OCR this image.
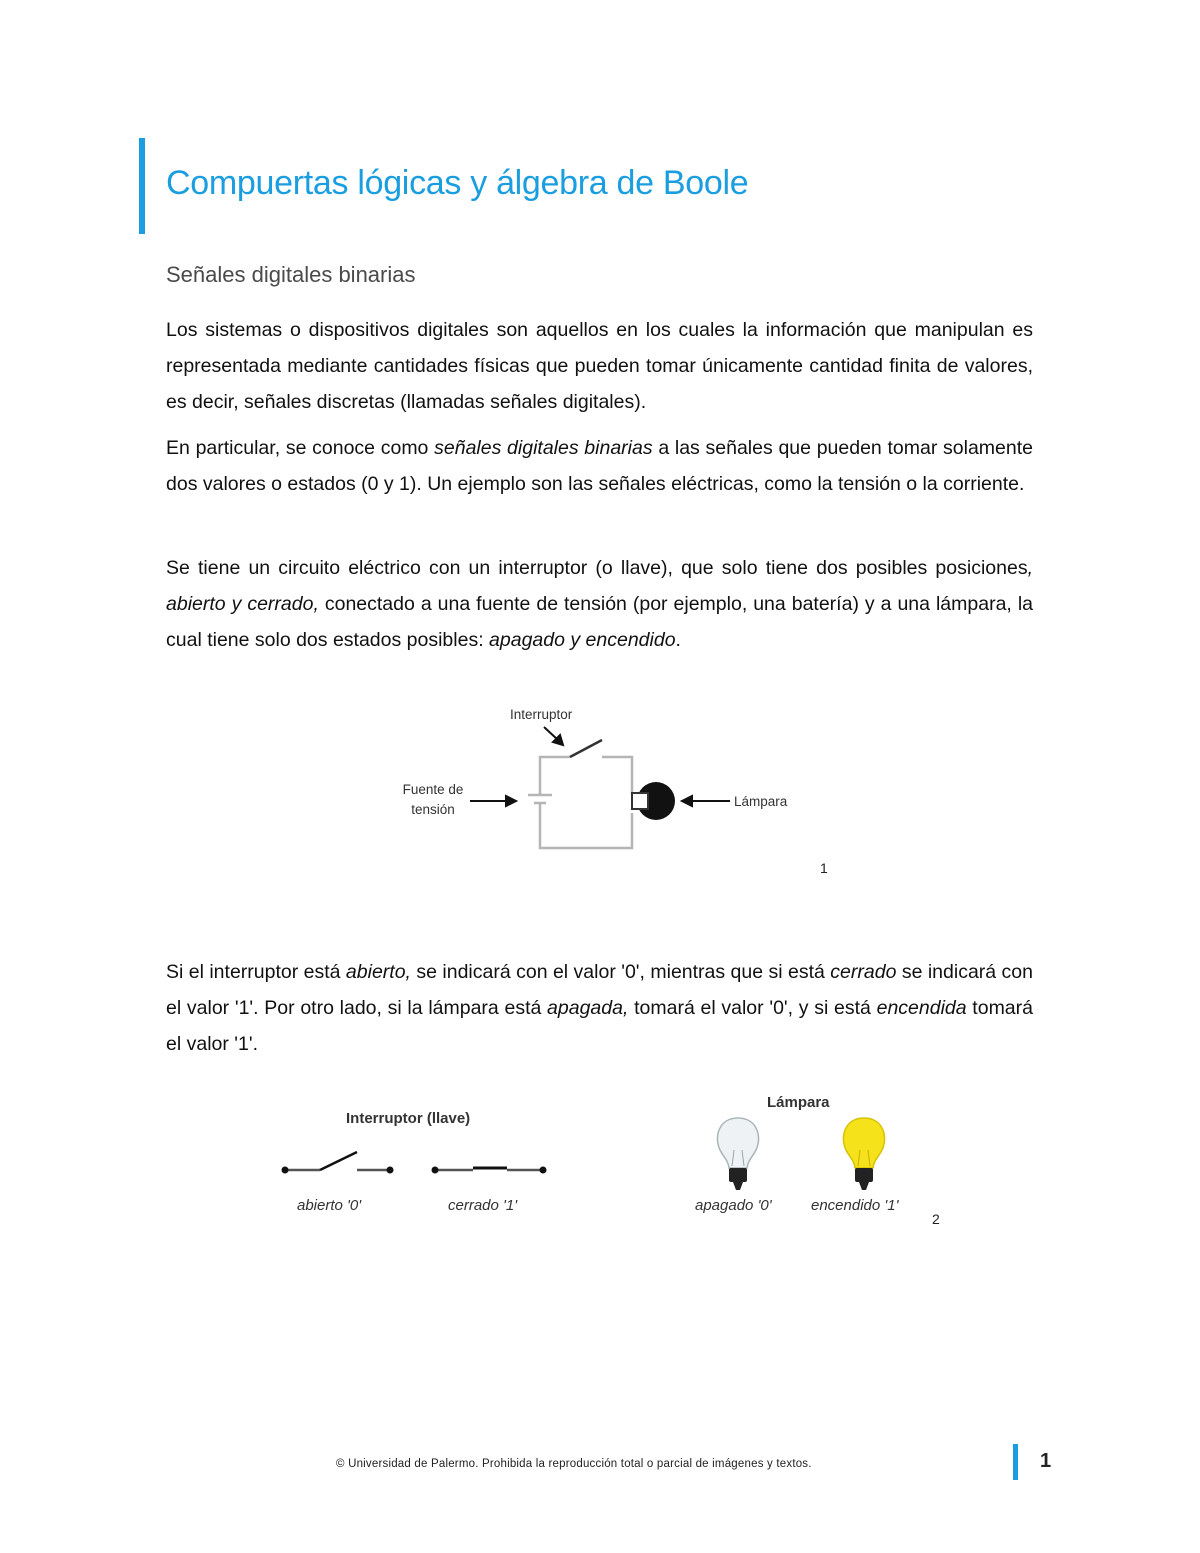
Compuertas lógicas y álgebra de Boole
Señales digitales binarias

Los sistemas o dispositivos digitales son aquellos en los cuales la información que manipulan es representada mediante cantidades físicas que pueden tomar únicamente cantidad finita de valores, es decir, señales discretas (llamadas señales digitales).

En particular, se conoce como señales digitales binarias a las señales que pueden tomar solamente dos valores o estados (0 y 1). Un ejemplo son las señales eléctricas, como la tensión o la corriente.

Se tiene un circuito eléctrico con un interruptor (o llave), que solo tiene dos posibles posiciones, abierto y cerrado, conectado a una fuente de tensión (por ejemplo, una batería) y a una lámpara, la cual tiene solo dos estados posibles: apagado y encendido.

Interruptor
Fuente de
tensión
Lámpara
1

Si el interruptor está abierto, se indicará con el valor '0', mientras que si está cerrado se indicará con el valor '1'. Por otro lado, si la lámpara está apagada, tomará el valor '0', y si está encendida tomará el valor '1'.

Interruptor (llave)
abierto '0'	cerrado '1'
Lámpara
apagado '0'	encendido '1'
2
© Universidad de Palermo. Prohibida la reproducción total o parcial de imágenes y textos.	1
